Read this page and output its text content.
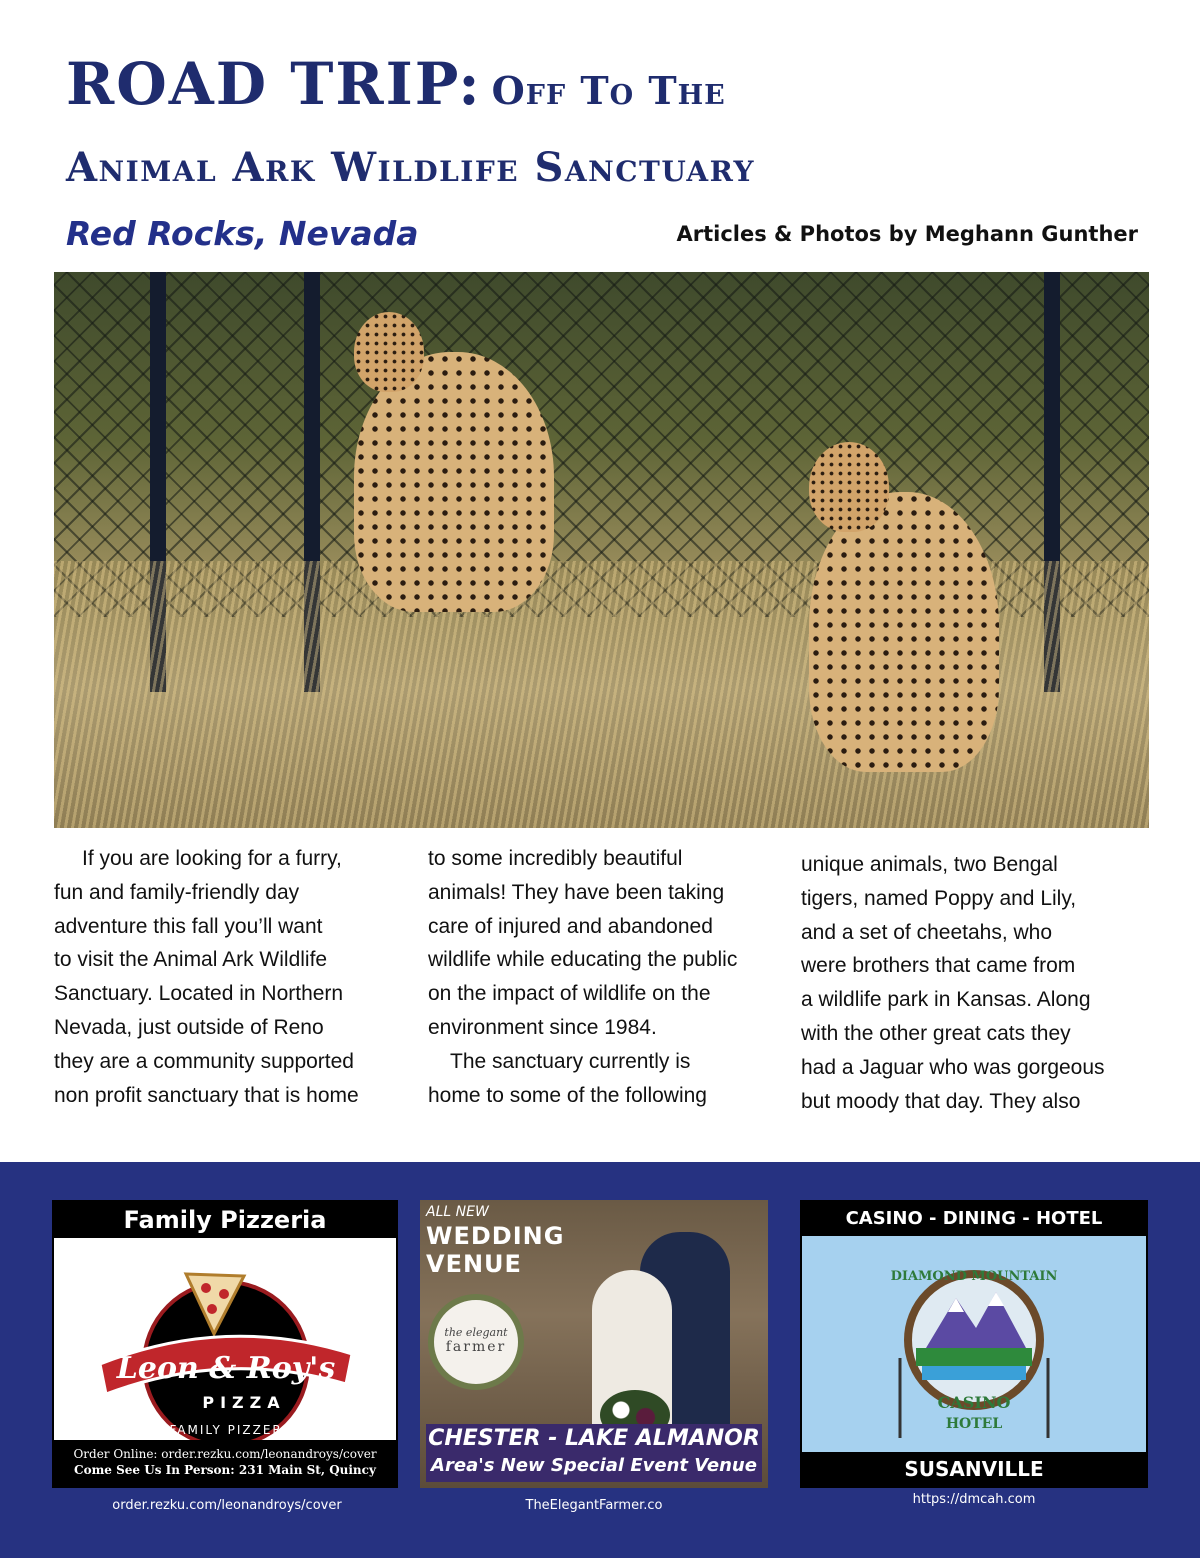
ROAD TRIP: Off To The
Animal Ark Wildlife Sanctuary
Red Rocks, Nevada	Articles & Photos by Meghann Gunther
If you are looking for a furry,
fun and family-friendly day
adventure this fall you’ll want
to visit the Animal Ark Wildlife
Sanctuary. Located in Northern
Nevada, just outside of Reno
they are a community supported
non profit sanctuary that is home
to some incredibly beautiful
animals! They have been taking
care of injured and abandoned
wildlife while educating the public
on the impact of wildlife on the
environment since 1984.
The sanctuary currently is
home to some of the following
unique animals, two Bengal
tigers, named Poppy and Lily,
and a set of cheetahs, who
were brothers that came from
a wildlife park in Kansas. Along
with the other great cats they
had a Jaguar who was gorgeous
but moody that day. They also
Family Pizzeria
Leon & Roy's
PIZZA
FAMILY PIZZERIA
Order Online: order.rezku.com/leonandroys/cover
Come See Us In Person: 231 Main St, Quincy
order.rezku.com/leonandroys/cover
ALL NEW
WEDDING
VENUE
the elegant
farmer
CHESTER - LAKE ALMANOR
Area's New Special Event Venue
TheElegantFarmer.co
CASINO - DINING - HOTEL
DIAMOND MOUNTAIN
CASINO
HOTEL
SUSANVILLE
https://dmcah.com
